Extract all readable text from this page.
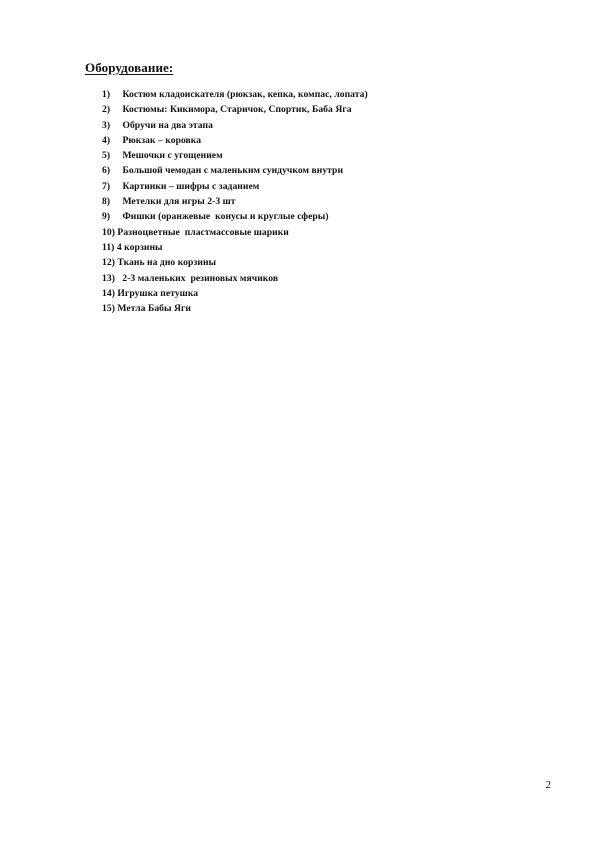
Оборудование:
1) Костюм кладоискателя (рюкзак, кепка, компас, лопата)
2) Костюмы: Кикимора, Старичок, Спортик, Баба Яга
3) Обручи на два этапа
4) Рюкзак – коровка
5) Мешочки с угощением
6) Большой чемодан с маленьким сундучком внутри
7) Картинки – шифры с заданием
8) Метелки для игры 2-3 шт
9) Фишки (оранжевые  конусы и круглые сферы)
10) Разноцветные  пластмассовые шарики
11) 4 корзины
12) Ткань на дно корзины
13)   2-3 маленьких  резиновых мячиков
14) Игрушка петушка
15) Метла Бабы Яги
2
